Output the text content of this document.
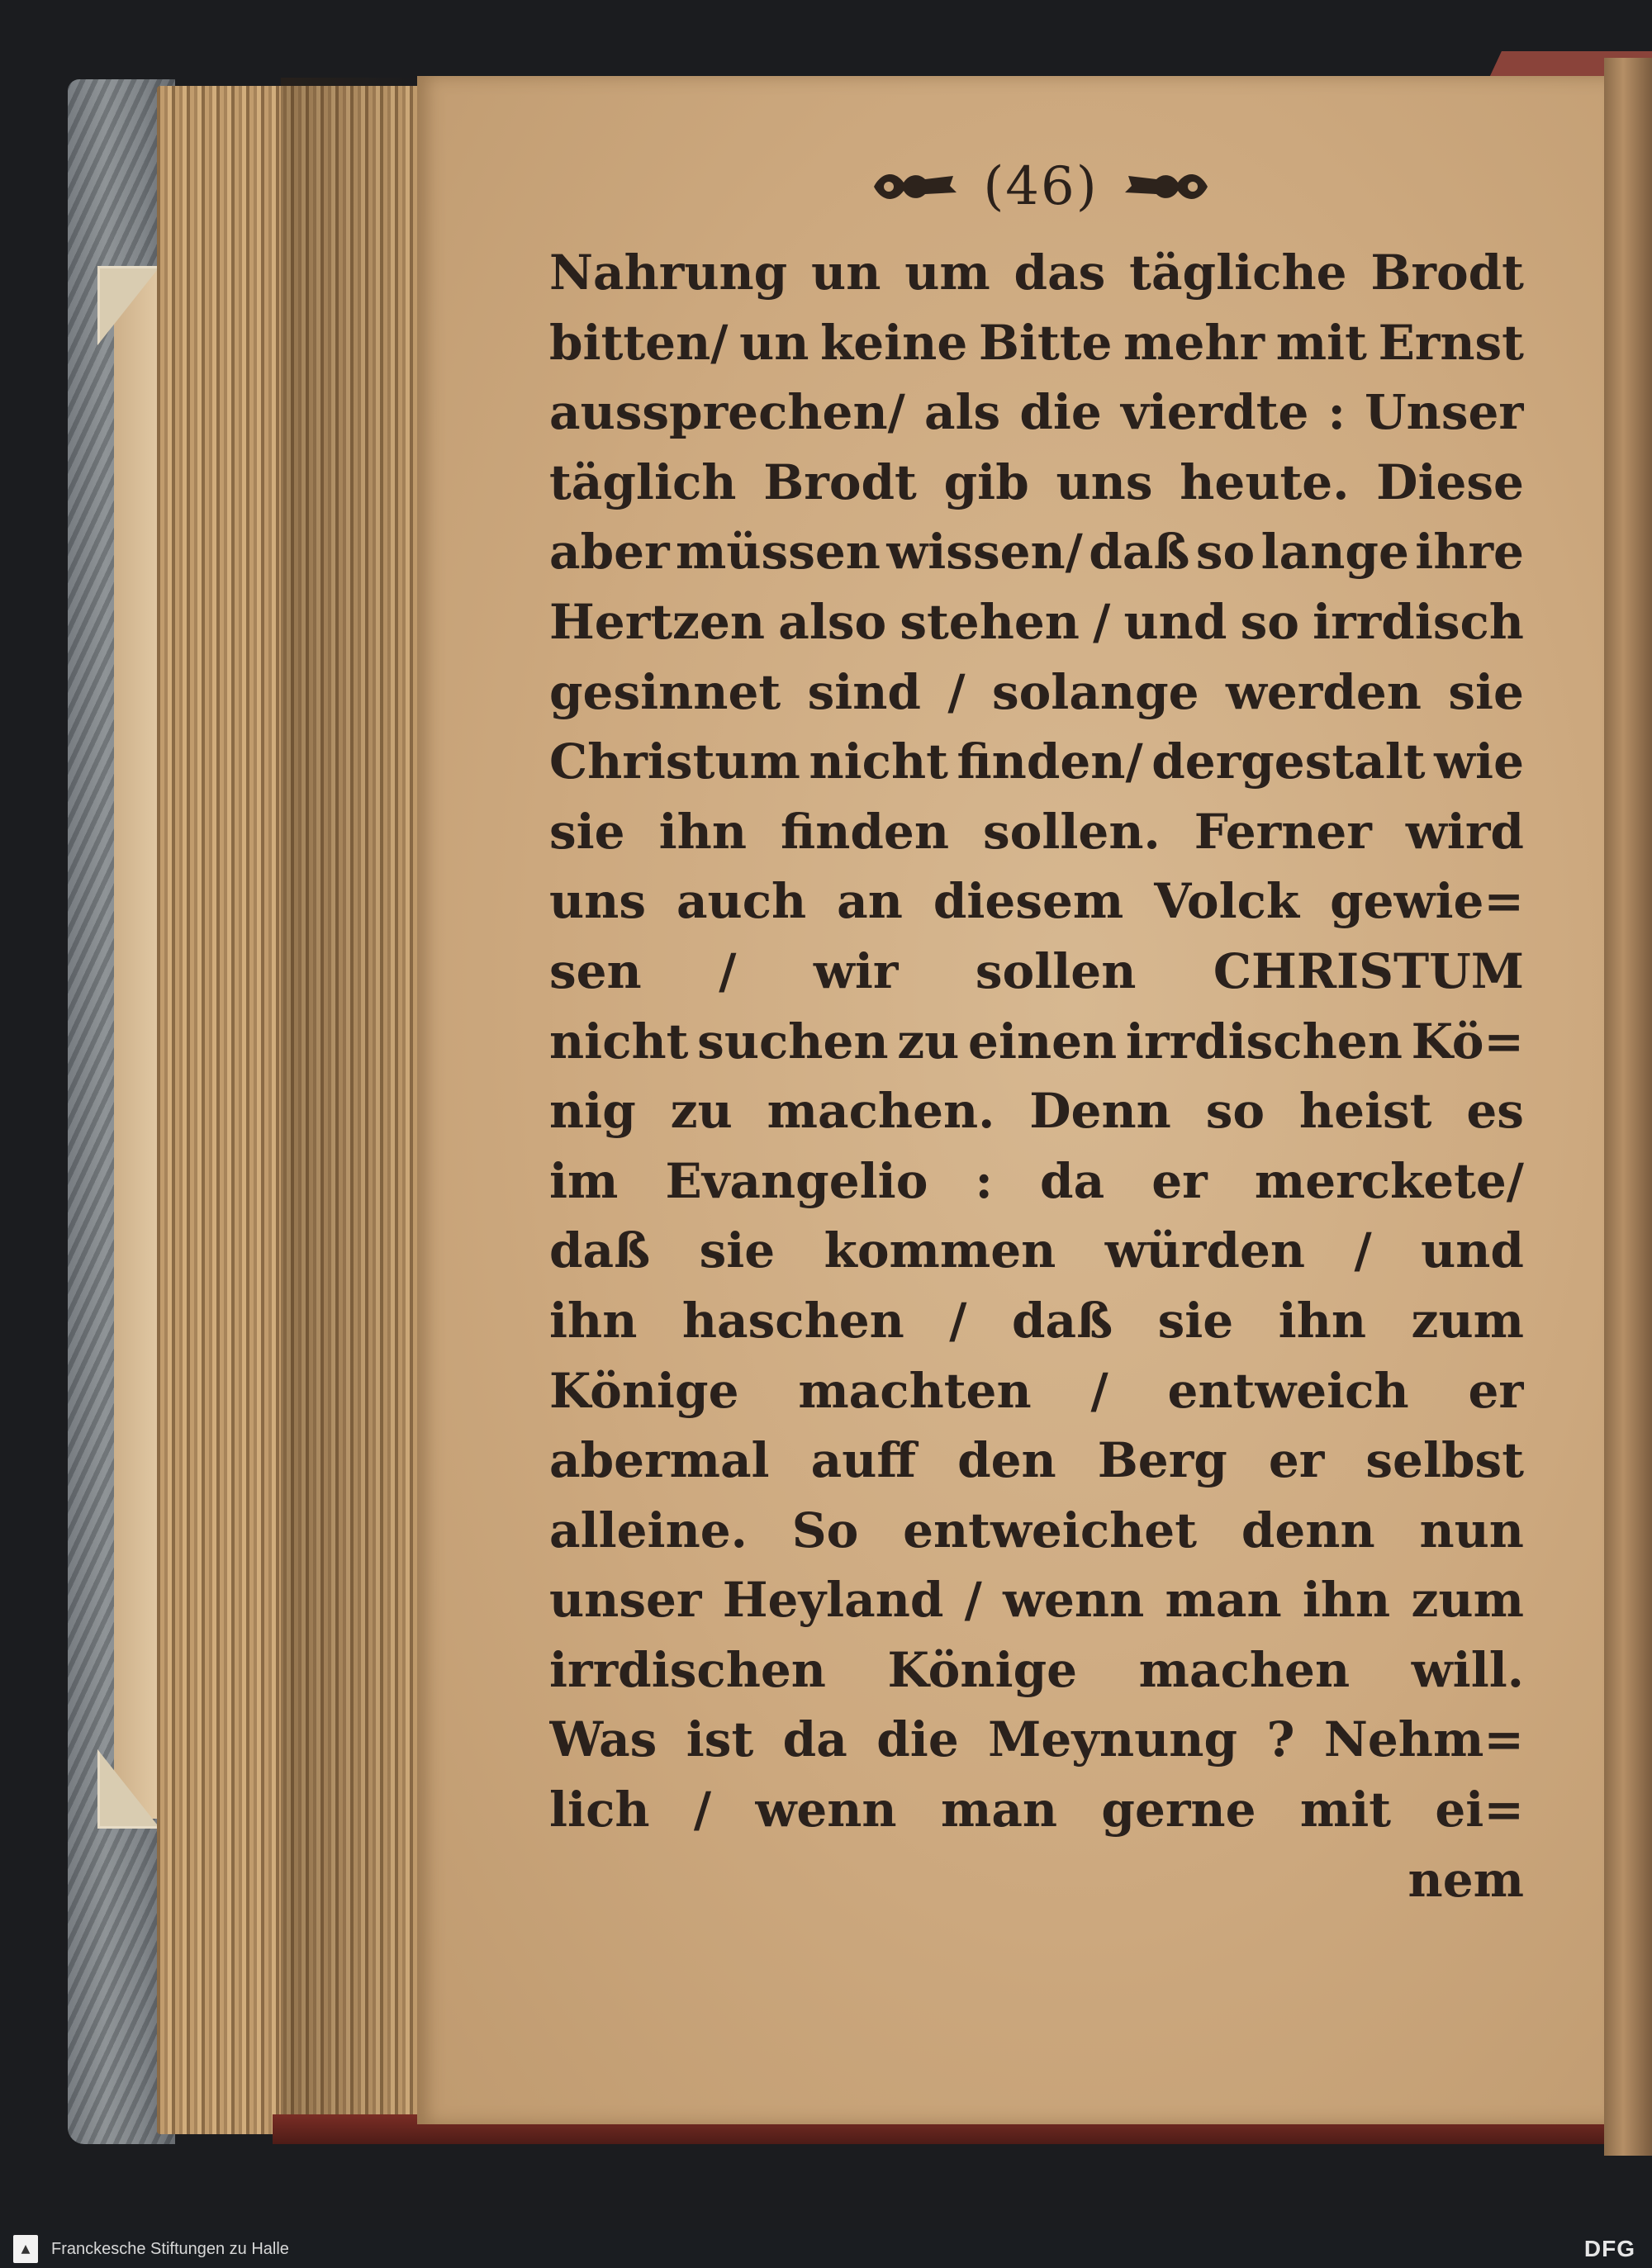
(46)
Nahrung un um das tägliche Brodt
bitten/ un keine Bitte mehr mit Ernst
aussprechen/ als die vierdte : Unser
täglich Brodt gib uns heute. Diese
aber müssen wissen/ daß so lange ihre
Hertzen also stehen / und so irrdisch
gesinnet sind / solange werden sie
Christum nicht finden/ dergestalt wie
sie ihn finden sollen. Ferner wird
uns auch an diesem Volck gewie=
sen / wir sollen CHRISTUM
nicht suchen zu einen irrdischen Kö=
nig zu machen. Denn so heist es
im Evangelio : da er merckete/
daß sie kommen würden / und
ihn haschen / daß sie ihn zum
Könige machten / entweich er
abermal auff den Berg er selbst
alleine. So entweichet denn nun
unser Heyland / wenn man ihn zum
irrdischen Könige machen will.
Was ist da die Meynung ? Nehm=
lich / wenn man gerne mit ei=
nem
▲	Franckesche Stiftungen zu Halle	DFG
